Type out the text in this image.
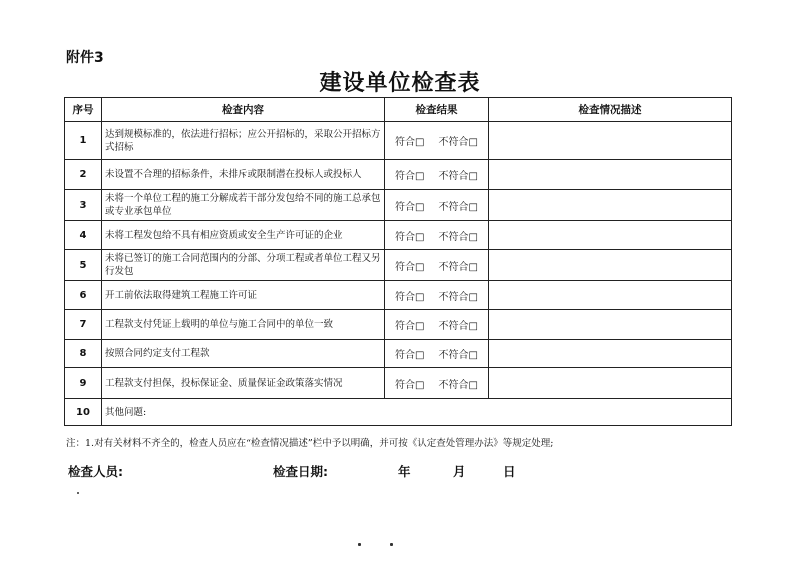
附件3
建设单位检查表
序号	检查内容	检查结果	检查情况描述
1	达到规模标准的，依法进行招标；应公开招标的，采取公开招标方式招标	符合□ 不符合□	
2	未设置不合理的招标条件，未排斥或限制潜在投标人或投标人	符合□ 不符合□	
3	未将一个单位工程的施工分解成若干部分发包给不同的施工总承包或专业承包单位	符合□ 不符合□	
4	未将工程发包给不具有相应资质或安全生产许可证的企业	符合□ 不符合□	
5	未将已签订的施工合同范围内的分部、分项工程或者单位工程又另行发包	符合□ 不符合□	
6	开工前依法取得建筑工程施工许可证	符合□ 不符合□	
7	工程款支付凭证上载明的单位与施工合同中的单位一致	符合□ 不符合□	
8	按照合同约定支付工程款	符合□ 不符合□	
9	工程款支付担保，投标保证金、质量保证金政策落实情况	符合□ 不符合□	
10	其他问题:		
注：1.对有关材料不齐全的，检查人员应在“检查情况描述”栏中予以明确，并可按《认定查处管理办法》等规定处理;
检查人员:	检查日期:	年	月	日
